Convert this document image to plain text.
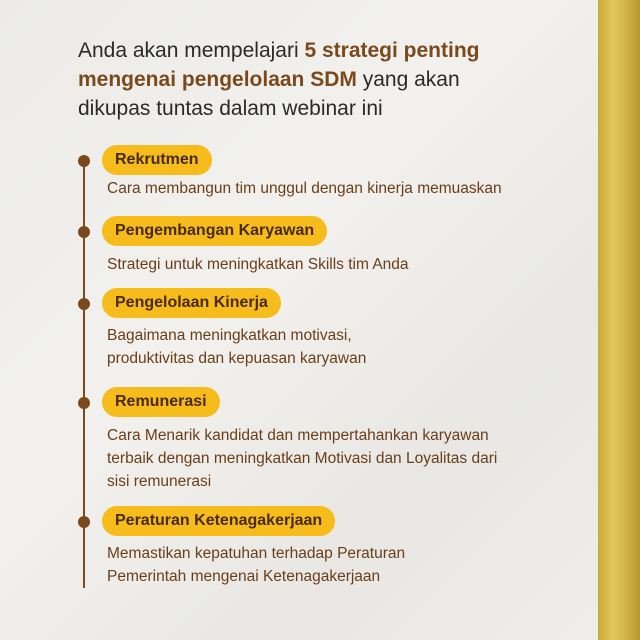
Anda akan mempelajari 5 strategi penting mengenai pengelolaan SDM yang akan dikupas tuntas dalam webinar ini
Rekrutmen
Cara membangun tim unggul dengan kinerja memuaskan
Pengembangan Karyawan
Strategi untuk meningkatkan Skills tim Anda
Pengelolaan Kinerja
Bagaimana meningkatkan motivasi, produktivitas dan kepuasan karyawan
Remunerasi
Cara Menarik kandidat dan mempertahankan karyawan terbaik dengan meningkatkan Motivasi dan Loyalitas dari sisi remunerasi
Peraturan Ketenagakerjaan
Memastikan kepatuhan terhadap Peraturan Pemerintah mengenai Ketenagakerjaan
